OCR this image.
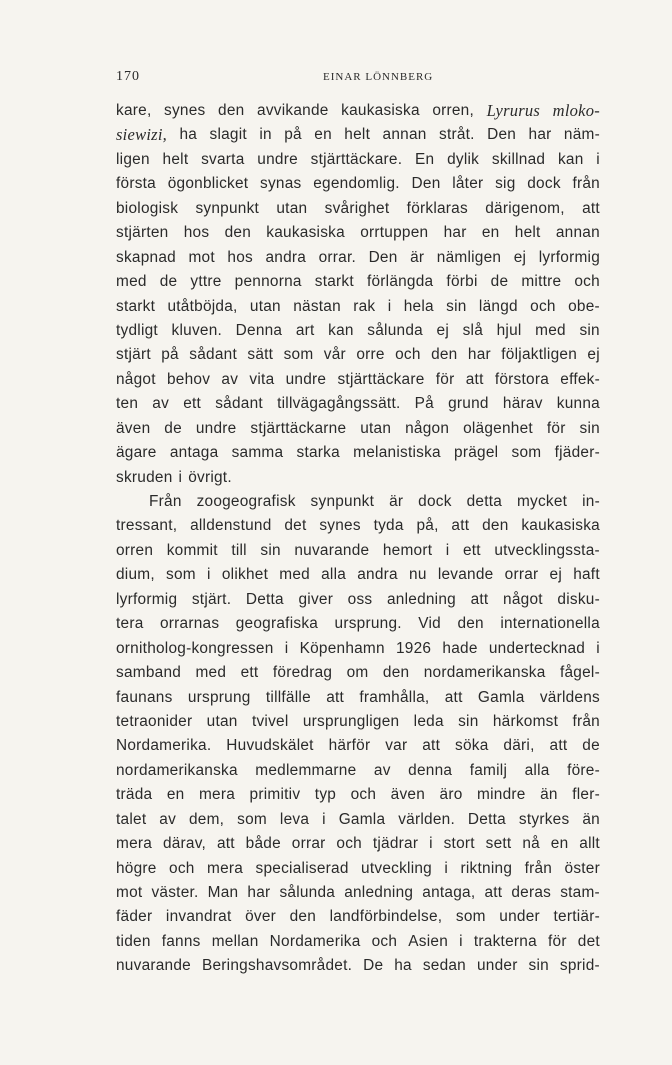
170	EINAR LÖNNBERG
kare, synes den avvikande kaukasiska orren, Lyrurus mloko-
siewizi, ha slagit in på en helt annan stråt. Den har näm-
ligen helt svarta undre stjärttäckare. En dylik skillnad kan i
första ögonblicket synas egendomlig. Den låter sig dock från
biologisk synpunkt utan svårighet förklaras därigenom, att
stjärten hos den kaukasiska orrtuppen har en helt annan
skapnad mot hos andra orrar. Den är nämligen ej lyrformig
med de yttre pennorna starkt förlängda förbi de mittre och
starkt utåtböjda, utan nästan rak i hela sin längd och obe-
tydligt kluven. Denna art kan sålunda ej slå hjul med sin
stjärt på sådant sätt som vår orre och den har följaktligen ej
något behov av vita undre stjärttäckare för att förstora effek-
ten av ett sådant tillvägagångssätt. På grund härav kunna
även de undre stjärttäckarne utan någon olägenhet för sin
ägare antaga samma starka melanistiska prägel som fjäder-
skruden i övrigt.
Från zoogeografisk synpunkt är dock detta mycket in-
tressant, alldenstund det synes tyda på, att den kaukasiska
orren kommit till sin nuvarande hemort i ett utvecklingssta-
dium, som i olikhet med alla andra nu levande orrar ej haft
lyrformig stjärt. Detta giver oss anledning att något disku-
tera orrarnas geografiska ursprung. Vid den internationella
ornitholog-kongressen i Köpenhamn 1926 hade undertecknad i
samband med ett föredrag om den nordamerikanska fågel-
faunans ursprung tillfälle att framhålla, att Gamla världens
tetraonider utan tvivel ursprungligen leda sin härkomst från
Nordamerika. Huvudskälet härför var att söka däri, att de
nordamerikanska medlemmarne av denna familj alla före-
träda en mera primitiv typ och även äro mindre än fler-
talet av dem, som leva i Gamla världen. Detta styrkes än
mera därav, att både orrar och tjädrar i stort sett nå en allt
högre och mera specialiserad utveckling i riktning från öster
mot väster. Man har sålunda anledning antaga, att deras stam-
fäder invandrat över den landförbindelse, som under tertiär-
tiden fanns mellan Nordamerika och Asien i trakterna för det
nuvarande Beringshavsområdet. De ha sedan under sin sprid-
